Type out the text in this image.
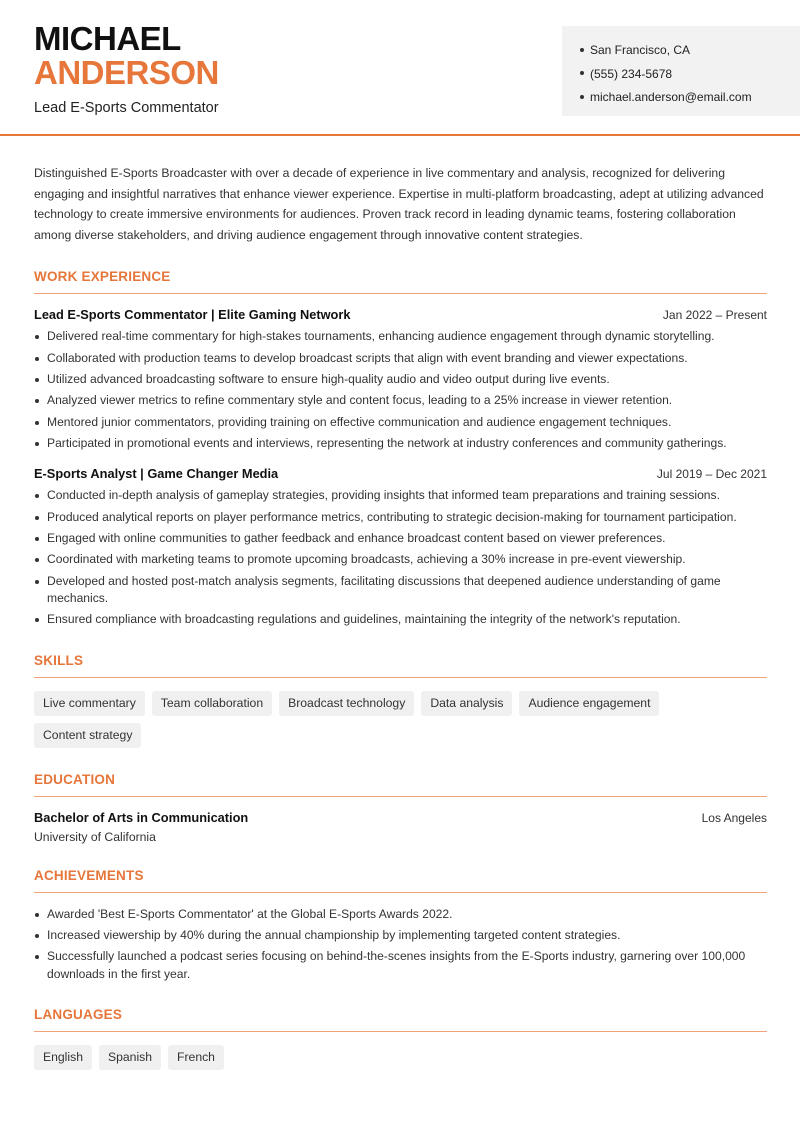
MICHAEL
ANDERSON
Lead E-Sports Commentator
San Francisco, CA
(555) 234-5678
michael.anderson@email.com

Distinguished E-Sports Broadcaster with over a decade of experience in live commentary and analysis, recognized for delivering engaging and insightful narratives that enhance viewer experience. Expertise in multi-platform broadcasting, adept at utilizing advanced technology to create immersive environments for audiences. Proven track record in leading dynamic teams, fostering collaboration among diverse stakeholders, and driving audience engagement through innovative content strategies.

WORK EXPERIENCE
Lead E-Sports Commentator | Elite Gaming Network	Jan 2022 – Present
Delivered real-time commentary for high-stakes tournaments, enhancing audience engagement through dynamic storytelling.
Collaborated with production teams to develop broadcast scripts that align with event branding and viewer expectations.
Utilized advanced broadcasting software to ensure high-quality audio and video output during live events.
Analyzed viewer metrics to refine commentary style and content focus, leading to a 25% increase in viewer retention.
Mentored junior commentators, providing training on effective communication and audience engagement techniques.
Participated in promotional events and interviews, representing the network at industry conferences and community gatherings.
E-Sports Analyst | Game Changer Media	Jul 2019 – Dec 2021
Conducted in-depth analysis of gameplay strategies, providing insights that informed team preparations and training sessions.
Produced analytical reports on player performance metrics, contributing to strategic decision-making for tournament participation.
Engaged with online communities to gather feedback and enhance broadcast content based on viewer preferences.
Coordinated with marketing teams to promote upcoming broadcasts, achieving a 30% increase in pre-event viewership.
Developed and hosted post-match analysis segments, facilitating discussions that deepened audience understanding of game mechanics.
Ensured compliance with broadcasting regulations and guidelines, maintaining the integrity of the network's reputation.
SKILLS
Live commentary	Team collaboration	Broadcast technology	Data analysis	Audience engagement
Content strategy
EDUCATION
Bachelor of Arts in Communication	Los Angeles
University of California
ACHIEVEMENTS
Awarded 'Best E-Sports Commentator' at the Global E-Sports Awards 2022.
Increased viewership by 40% during the annual championship by implementing targeted content strategies.
Successfully launched a podcast series focusing on behind-the-scenes insights from the E-Sports industry, garnering over 100,000 downloads in the first year.
LANGUAGES
English	Spanish	French
